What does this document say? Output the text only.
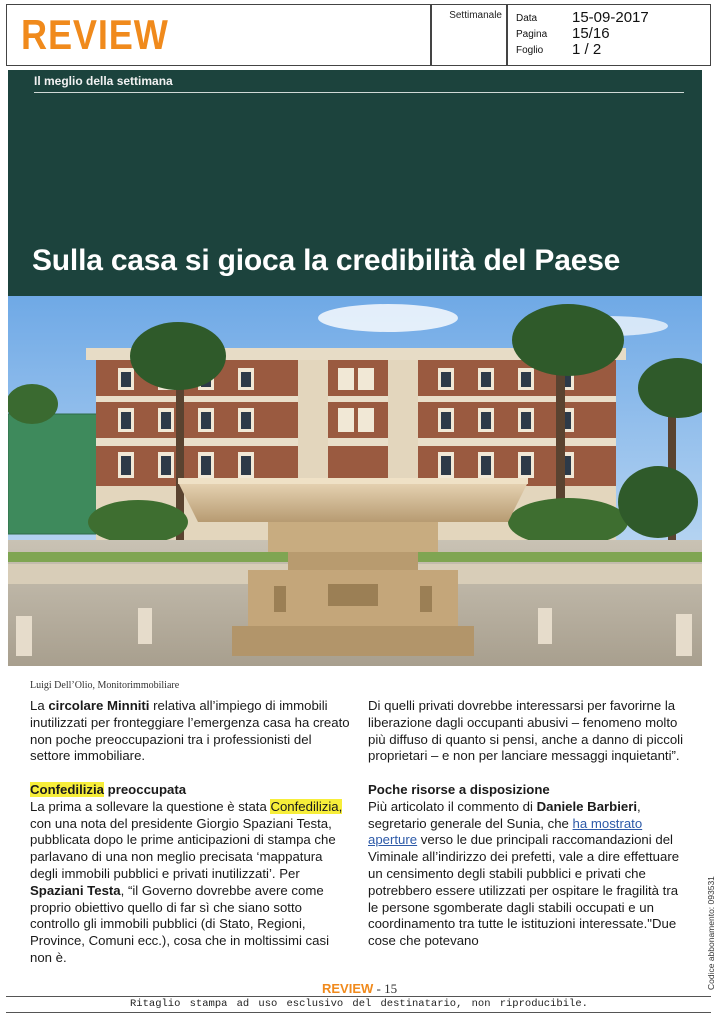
REVIEW	Settimanale Data 15-09-2017
Pagina 15/16
Foglio 1 / 2
Il meglio della settimana
Sulla casa si gioca la credibilità del Paese
Luigi Dell’Olio, Monitorimmobiliare

La circolare Minniti relativa all’impiego di immobili inutilizzati per fronteggiare l’emergenza casa ha creato non poche preoccupazioni tra i professionisti del settore immobiliare.

Confedilizia preoccupata

La prima a sollevare la questione è stata Confedilizia, con una nota del presidente Giorgio Spaziani Testa, pubblicata dopo le prime anticipazioni di stampa che parlavano di una non meglio precisata ‘mappatura degli immobili pubblici e privati inutilizzati’. Per Spaziani Testa, “il Governo dovrebbe avere come proprio obiettivo quello di far sì che siano sotto controllo gli immobili pubblici (di Stato, Regioni, Province, Comuni ecc.), cosa che in moltissimi casi non è.

Di quelli privati dovrebbe interessarsi per favorirne la liberazione dagli occupanti abusivi – fenomeno molto più diffuso di quanto si pensi, anche a danno di piccoli proprietari – e non per lanciare messaggi inquietanti”.

Poche risorse a disposizione

Più articolato il commento di Daniele Barbieri, segretario generale del Sunia, che ha mostrato aperture verso le due principali raccomandazioni del Viminale all’indirizzo dei prefetti, vale a dire effettuare un censimento degli stabili pubblici e privati che potrebbero essere utilizzati per ospitare le fragilità tra le persone sgomberate dagli stabili occupati e un coordinamento tra tutte le istituzioni interessate."Due cose che potevano

REVIEW - 15
Ritaglio stampa ad uso esclusivo del destinatario, non riproducibile.
Codice abbonamento: 093531
